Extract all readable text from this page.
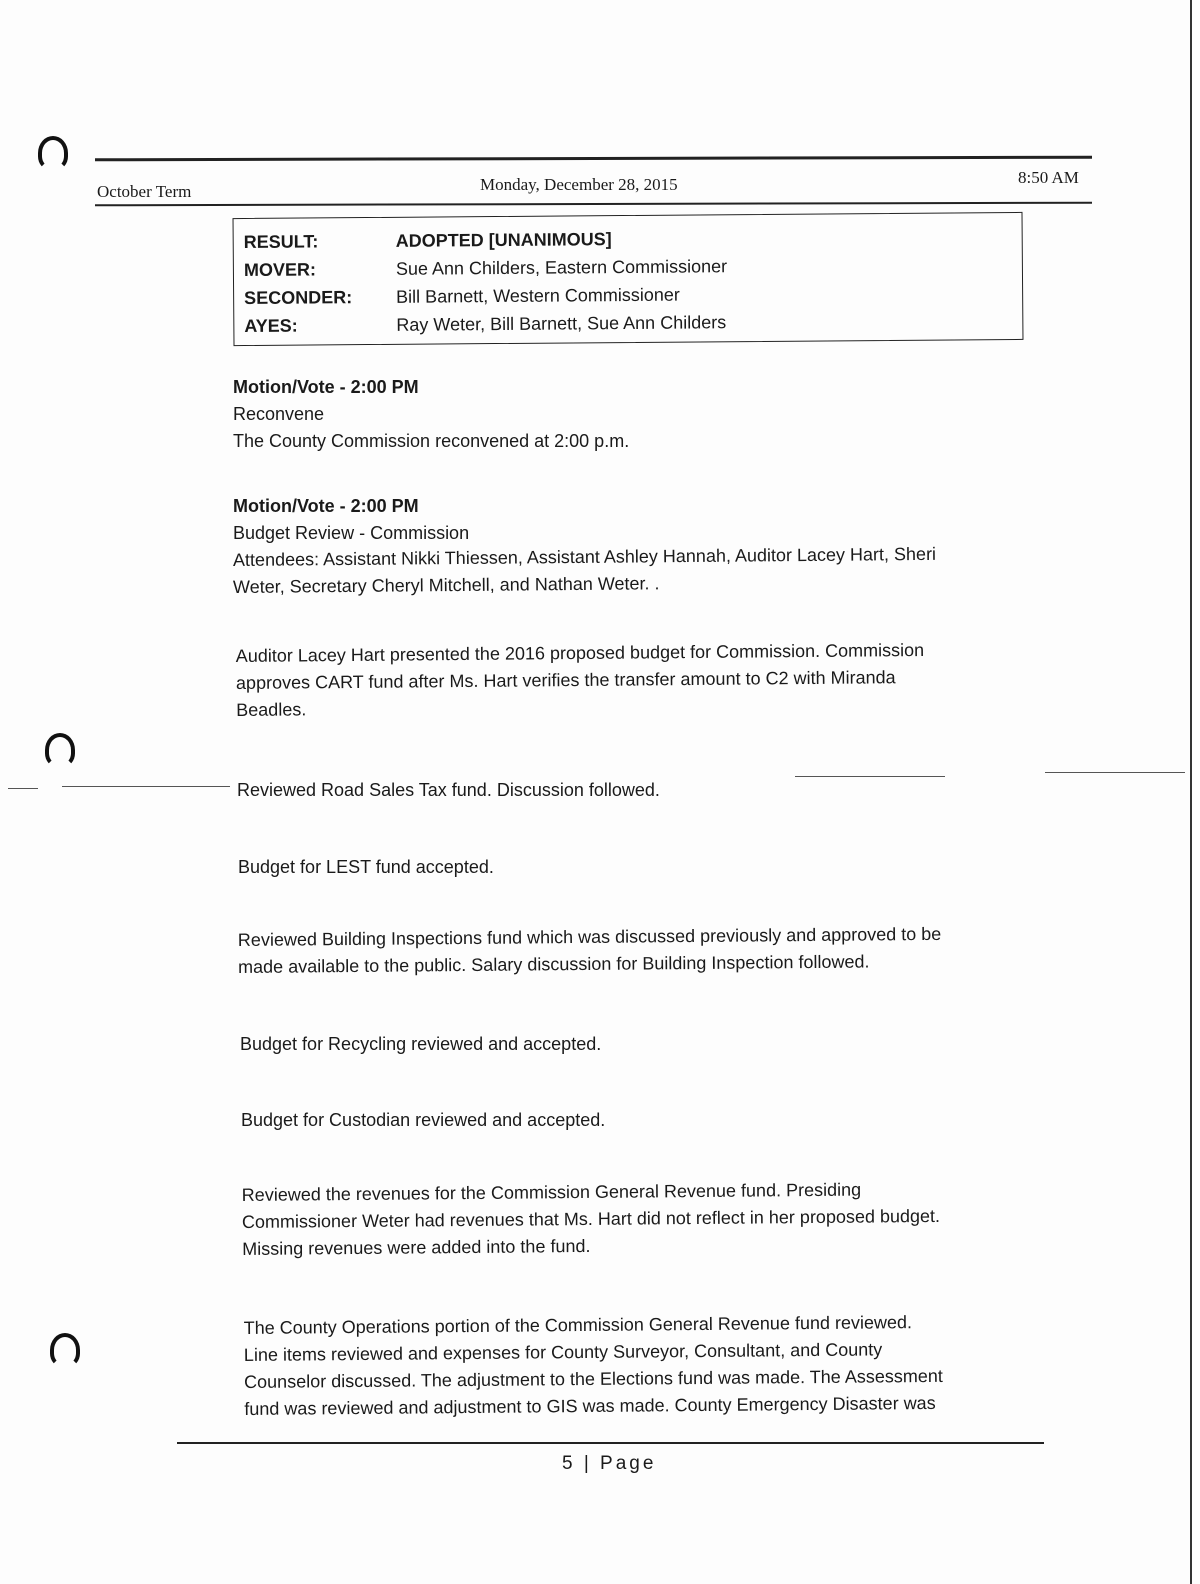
October Term	Monday, December 28, 2015	8:50 AM
RESULT:	ADOPTED [UNANIMOUS]
MOVER:	Sue Ann Childers, Eastern Commissioner
SECONDER:	Bill Barnett, Western Commissioner
AYES:	Ray Weter, Bill Barnett, Sue Ann Childers
Motion/Vote - 2:00 PM
Reconvene
The County Commission reconvened at 2:00 p.m.
Motion/Vote - 2:00 PM
Budget Review - Commission
Attendees: Assistant Nikki Thiessen, Assistant Ashley Hannah, Auditor Lacey Hart, Sheri
Weter, Secretary Cheryl Mitchell, and Nathan Weter. .
Auditor Lacey Hart presented the 2016 proposed budget for Commission. Commission
approves CART fund after Ms. Hart verifies the transfer amount to C2 with Miranda
Beadles.
Reviewed Road Sales Tax fund. Discussion followed.
Budget for LEST fund accepted.
Reviewed Building Inspections fund which was discussed previously and approved to be
made available to the public. Salary discussion for Building Inspection followed.
Budget for Recycling reviewed and accepted.
Budget for Custodian reviewed and accepted.
Reviewed the revenues for the Commission General Revenue fund. Presiding
Commissioner Weter had revenues that Ms. Hart did not reflect in her proposed budget.
Missing revenues were added into the fund.
The County Operations portion of the Commission General Revenue fund reviewed.
Line items reviewed and expenses for County Surveyor, Consultant, and County
Counselor discussed. The adjustment to the Elections fund was made. The Assessment
fund was reviewed and adjustment to GIS was made. County Emergency Disaster was
5 | Page
